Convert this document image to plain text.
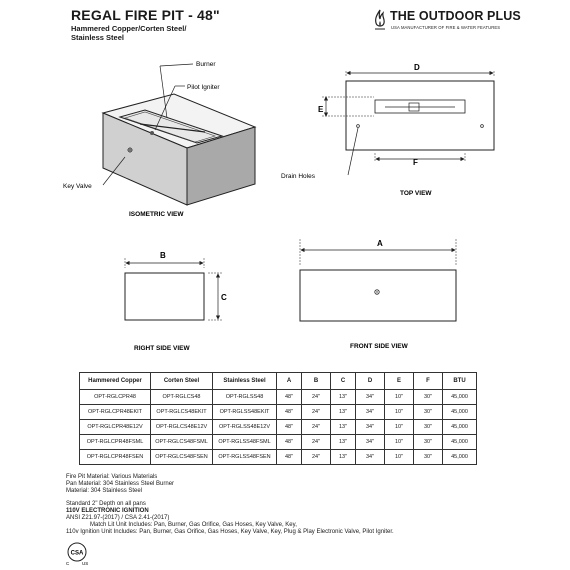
REGAL FIRE PIT - 48"
Hammered Copper/Corten Steel/
Stainless Steel
THE OUTDOOR PLUS
USA MANUFACTURER OF FIRE & WATER FEATURES
Burner
Pilot Igniter
Key Valve
ISOMETRIC VIEW
D
E
F
Drain Holes
TOP VIEW
B
C
RIGHT SIDE VIEW
A
FRONT SIDE VIEW
Hammered Copper	Corten Steel	Stainless Steel	A	B	C	D	E	F	BTU
OPT-RGLCPR48	OPT-RGLCS48	OPT-RGLSS48	48"	24"	13"	34"	10"	30"	45,000
OPT-RGLCPR48EKIT	OPT-RGLCS48EKIT	OPT-RGLSS48EKIT	48"	24"	13"	34"	10"	30"	45,000
OPT-RGLCPR48E12V	OPT-RGLCS48E12V	OPT-RGLSS48E12V	48"	24"	13"	34"	10"	30"	45,000
OPT-RGLCPR48FSML	OPT-RGLCS48FSML	OPT-RGLSS48FSML	48"	24"	13"	34"	10"	30"	45,000
OPT-RGLCPR48FSEN	OPT-RGLCS48FSEN	OPT-RGLSS48FSEN	48"	24"	13"	34"	10"	30"	45,000
Fire Pit Material: Various Materials
Pan Material: 304 Stainless Steel Burner
Material: 304 Stainless Steel
Standard 2" Depth on all pans
110V ELECTRONIC IGNITION
ANSI Z21.97-(2017) / CSA 2.41-(2017)
Match Lit Unit Includes: Pan, Burner, Gas Orifice, Gas Hoses, Key Valve, Key,
110v Ignition Unit Includes: Pan, Burner, Gas Orifice, Gas Hoses, Key Valve, Key, Plug & Play Electronic Valve, Pilot Igniter.
CSA
C	US
